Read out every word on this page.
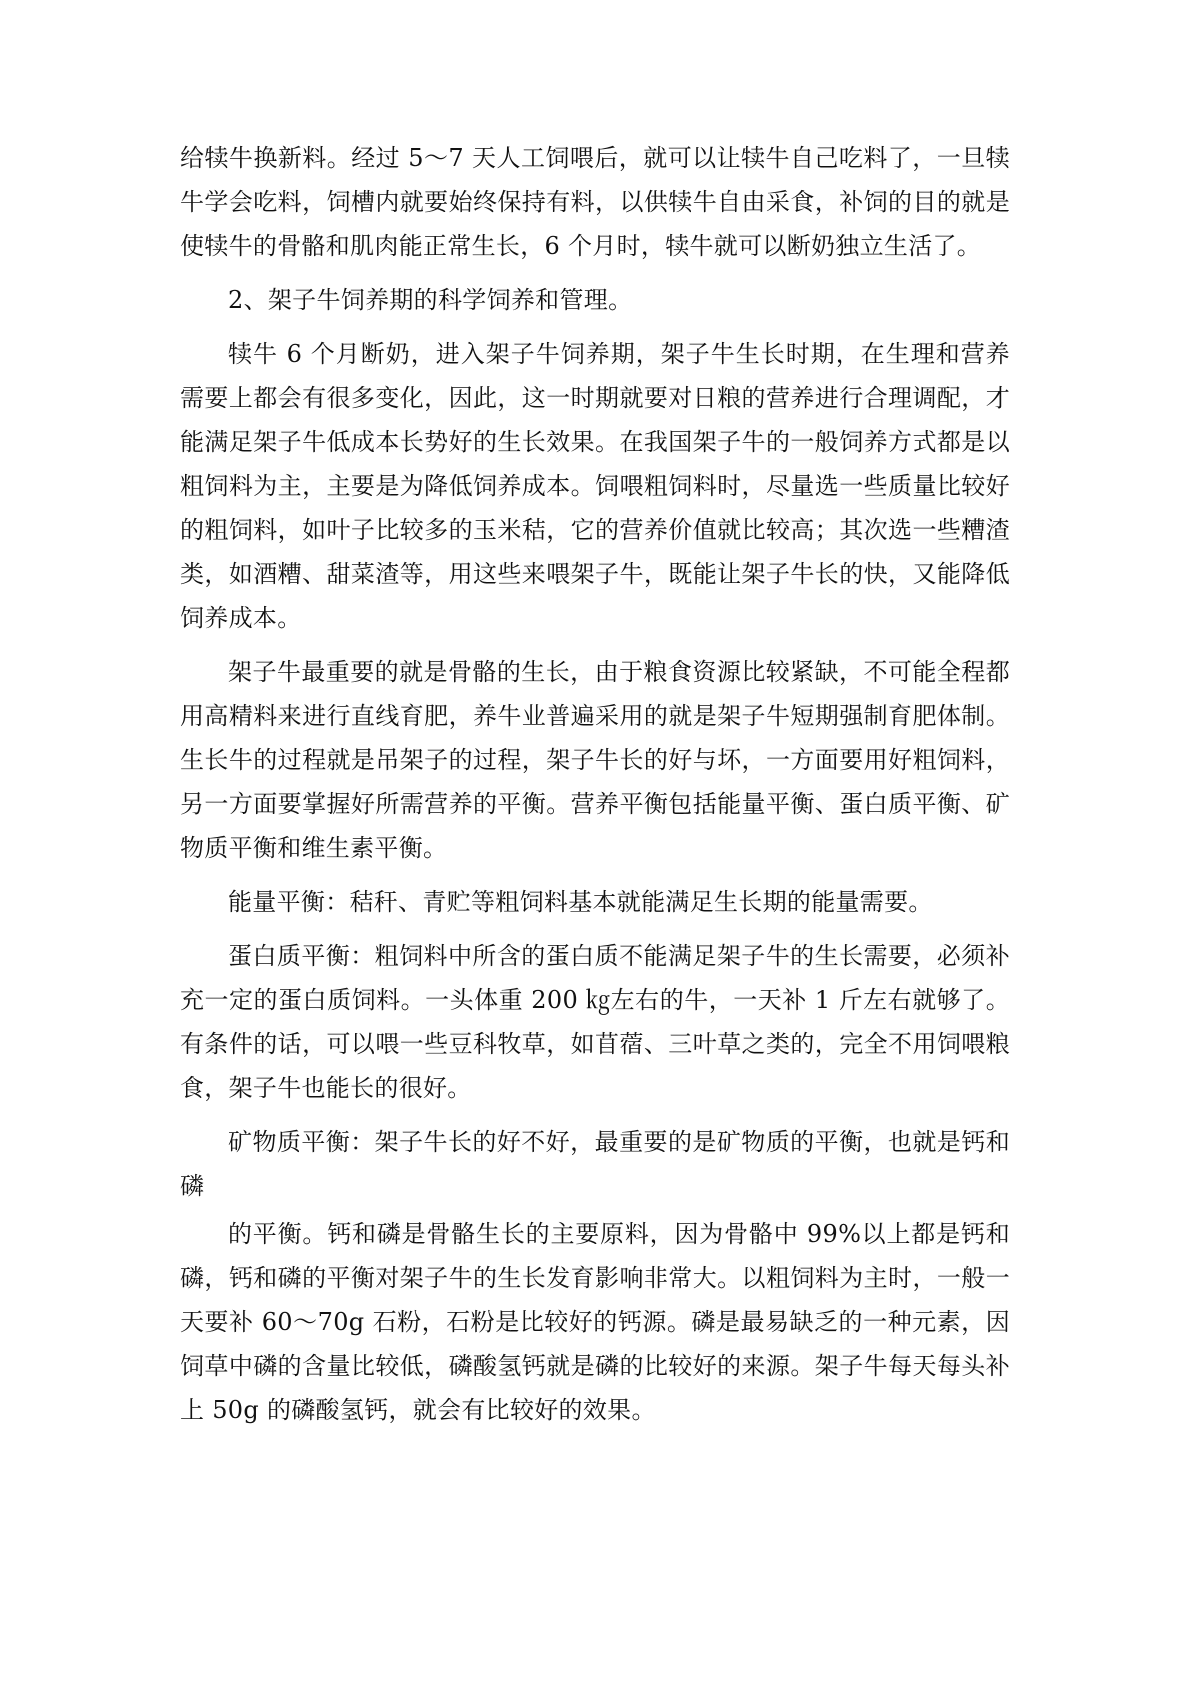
给犊牛换新料。经过 5～7 天人工饲喂后，就可以让犊牛自己吃料了，一旦犊牛学会吃料，饲槽内就要始终保持有料，以供犊牛自由采食，补饲的目的就是使犊牛的骨骼和肌肉能正常生长，6 个月时，犊牛就可以断奶独立生活了。

2、架子牛饲养期的科学饲养和管理。

犊牛 6 个月断奶，进入架子牛饲养期，架子牛生长时期，在生理和营养需要上都会有很多变化，因此，这一时期就要对日粮的营养进行合理调配，才能满足架子牛低成本长势好的生长效果。在我国架子牛的一般饲养方式都是以粗饲料为主，主要是为降低饲养成本。饲喂粗饲料时，尽量选一些质量比较好的粗饲料，如叶子比较多的玉米秸，它的营养价值就比较高；其次选一些糟渣类，如酒糟、甜菜渣等，用这些来喂架子牛，既能让架子牛长的快，又能降低饲养成本。

架子牛最重要的就是骨骼的生长，由于粮食资源比较紧缺，不可能全程都用高精料来进行直线育肥，养牛业普遍采用的就是架子牛短期强制育肥体制。生长牛的过程就是吊架子的过程，架子牛长的好与坏，一方面要用好粗饲料，另一方面要掌握好所需营养的平衡。营养平衡包括能量平衡、蛋白质平衡、矿物质平衡和维生素平衡。

能量平衡：秸秆、青贮等粗饲料基本就能满足生长期的能量需要。

蛋白质平衡：粗饲料中所含的蛋白质不能满足架子牛的生长需要，必须补充一定的蛋白质饲料。一头体重 200 ㎏左右的牛，一天补 1 斤左右就够了。有条件的话，可以喂一些豆科牧草，如苜蓿、三叶草之类的，完全不用饲喂粮食，架子牛也能长的很好。

矿物质平衡：架子牛长的好不好，最重要的是矿物质的平衡，也就是钙和磷

的平衡。钙和磷是骨骼生长的主要原料，因为骨骼中 99%以上都是钙和磷，钙和磷的平衡对架子牛的生长发育影响非常大。以粗饲料为主时，一般一天要补 60～70g 石粉，石粉是比较好的钙源。磷是最易缺乏的一种元素，因饲草中磷的含量比较低，磷酸氢钙就是磷的比较好的来源。架子牛每天每头补上 50g 的磷酸氢钙，就会有比较好的效果。
